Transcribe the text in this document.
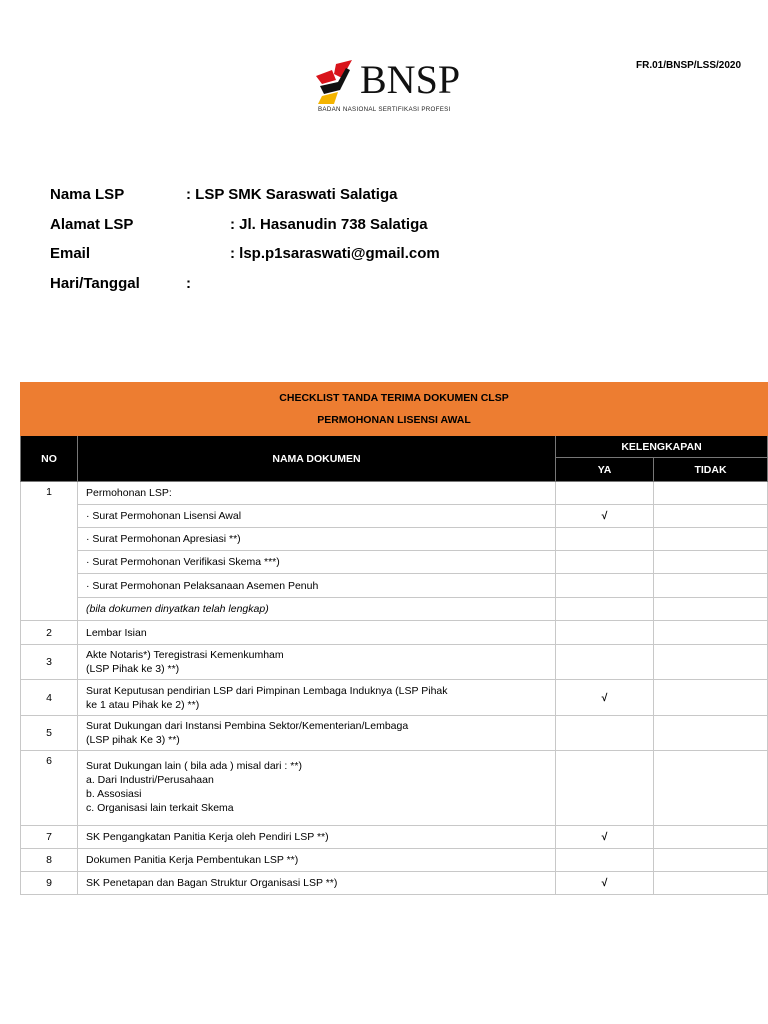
FR.01/BNSP/LSS/2020
BNSP
BADAN NASIONAL SERTIFIKASI PROFESI
Nama LSP	: LSP SMK Saraswati Salatiga
Alamat LSP	: Jl. Hasanudin 738 Salatiga
Email	: lsp.p1saraswati@gmail.com
Hari/Tanggal	:
CHECKLIST TANDA TERIMA DOKUMEN CLSP
PERMOHONAN LISENSI AWAL			

NO	NAMA DOKUMEN	KELENGKAPAN	
		YA	TIDAK
1	Permohonan LSP:		
	· Surat Permohonan Lisensi Awal	√	
	· Surat Permohonan Apresiasi **)		
	· Surat Permohonan Verifikasi Skema ***)		
	· Surat Permohonan Pelaksanaan Asemen Penuh		
	(bila dokumen dinyatkan telah lengkap)		
2	Lembar Isian		
3	Akte Notaris*) Teregistrasi Kemenkumham
(LSP Pihak ke 3) **)		

4	Surat Keputusan pendirian LSP dari Pimpinan Lembaga Induknya (LSP Pihak
ke 1 atau Pihak ke 2) **)	√	
5	Surat Dukungan dari Instansi Pembina Sektor/Kementerian/Lembaga
(LSP pihak Ke 3) **)		

6	Surat Dukungan lain ( bila ada ) misal dari : **)
a. Dari Industri/Perusahaan
b. Assosiasi
c. Organisasi lain terkait Skema		

7	SK Pengangkatan Panitia Kerja oleh Pendiri LSP **)	√	
8	Dokumen Panitia Kerja Pembentukan LSP **)		
9	SK Penetapan dan Bagan Struktur Organisasi LSP **)	√	
